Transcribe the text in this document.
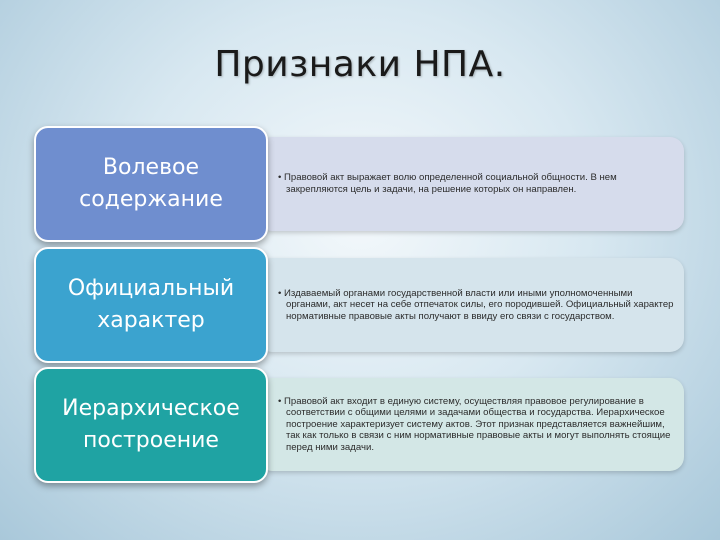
Признаки НПА.
• Правовой акт выражает волю определенной социальной общности. В нем закрепляются цель и задачи, на решение которых он направлен.
Волевое
содержание
• Издаваемый органами государственной власти или иными уполномоченными органами, акт несет на себе отпечаток силы, его породившей. Официальный характер нормативные правовые акты получают в ввиду его связи с государством.
Официальный
характер
• Правовой акт входит в единую систему, осуществляя правовое регулирование в соответствии с общими целями и задачами общества и государства. Иерархическое построение характеризует систему актов. Этот признак представляется важнейшим, так как только в связи с ним нормативные правовые акты и могут выполнять стоящие перед ними задачи.
Иерархическое
построение
